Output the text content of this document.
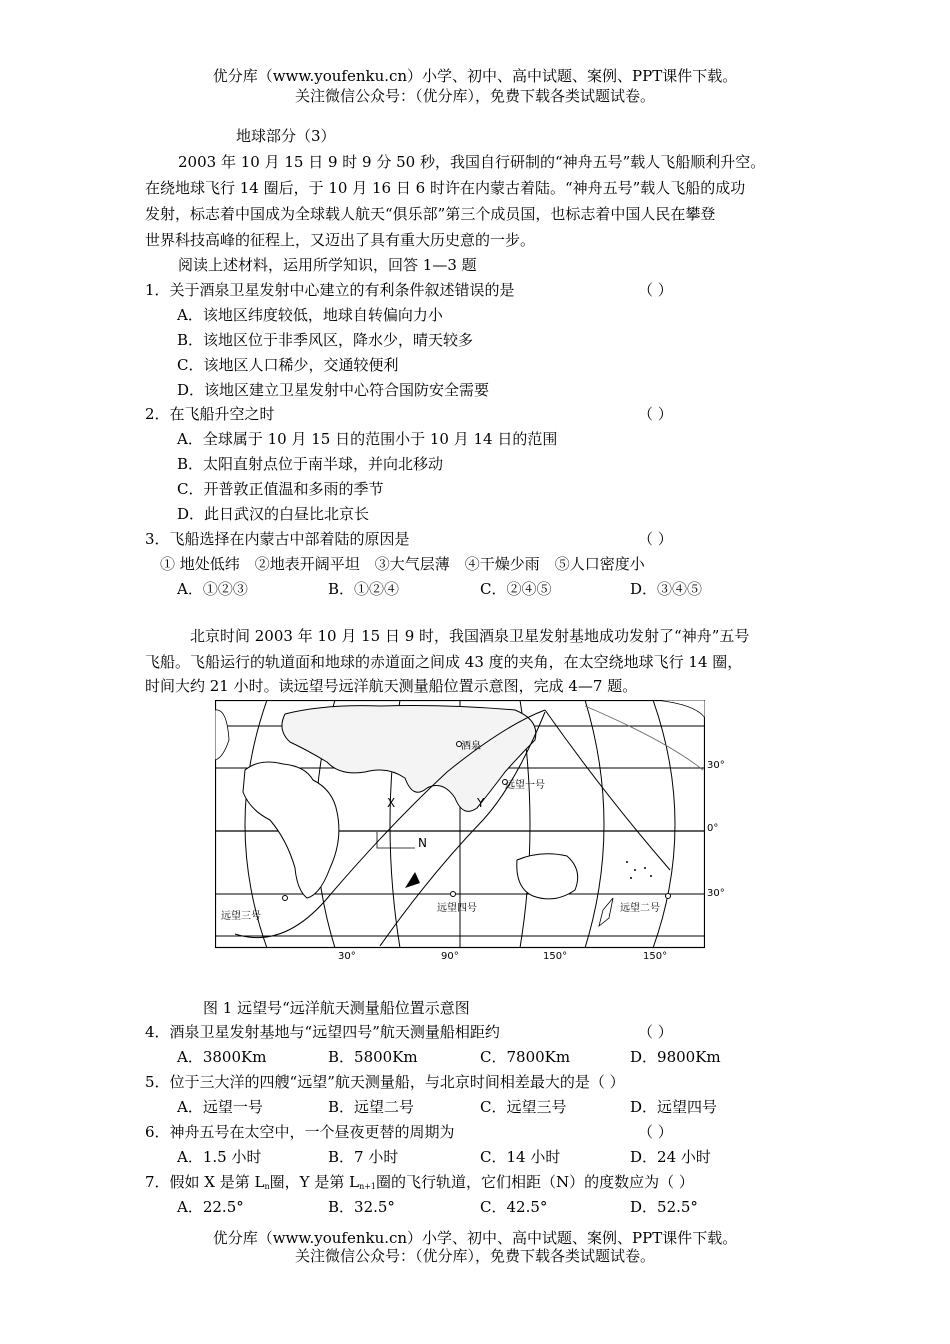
优分库（www.youfenku.cn）小学、初中、高中试题、案例、PPT课件下载。
关注微信公众号：（优分库），免费下载各类试题试卷。
地球部分（3）
2003 年 10 月 15 日 9 时 9 分 50 秒，我国自行研制的“神舟五号”载人飞船顺利升空。
在绕地球飞行 14 圈后，于 10 月 16 日 6 时许在内蒙古着陆。“神舟五号”载人飞船的成功
发射，标志着中国成为全球载人航天“俱乐部”第三个成员国，也标志着中国人民在攀登
世界科技高峰的征程上，又迈出了具有重大历史意的一步。
阅读上述材料，运用所学知识，回答 1—3 题
1．关于酒泉卫星发射中心建立的有利条件叙述错误的是	（ ）
A．该地区纬度较低，地球自转偏向力小
B．该地区位于非季风区，降水少，晴天较多
C．该地区人口稀少，交通较便利
D．该地区建立卫星发射中心符合国防安全需要
2．在飞船升空之时	（ ）
A．全球属于 10 月 15 日的范围小于 10 月 14 日的范围
B．太阳直射点位于南半球，并向北移动
C．开普敦正值温和多雨的季节
D．此日武汉的白昼比北京长
3．飞船选择在内蒙古中部着陆的原因是	（ ）
① 地处低纬　②地表开阔平坦　③大气层薄　④干燥少雨　⑤人口密度小
A．①②③	B．①②④	C．②④⑤	D．③④⑤
北京时间 2003 年 10 月 15 日 9 时，我国酒泉卫星发射基地成功发射了“神舟”五号
飞船。飞船运行的轨道面和地球的赤道面之间成 43 度的夹角，在太空绕地球飞行 14 圈，
时间大约 21 小时。读远望号远洋航天测量船位置示意图，完成 4—7 题。
酒泉
远望一号
远望二号
远望三号
远望四号
X	Y
N
30°
0°
30°
30°	90°	150°	150°
图 1 远望号“远洋航天测量船位置示意图
4．酒泉卫星发射基地与“远望四号”航天测量船相距约	（ ）
A．3800Km	B．5800Km	C．7800Km	D．9800Km
5．位于三大洋的四艘“远望”航天测量船，与北京时间相差最大的是（ ）
A．远望一号	B．远望二号	C．远望三号	D．远望四号
6．神舟五号在太空中，一个昼夜更替的周期为	（ ）
A．1.5 小时	B．7 小时	C．14 小时	D．24 小时
7．假如 X 是第 $L_n$圈，Y 是第 $L_{n+1}$圈的飞行轨道，它们相距（N）的度数应为（ ）
A．22.5°	B．32.5°	C．42.5°	D．52.5°
优分库（www.youfenku.cn）小学、初中、高中试题、案例、PPT课件下载。
关注微信公众号：（优分库），免费下载各类试题试卷。
